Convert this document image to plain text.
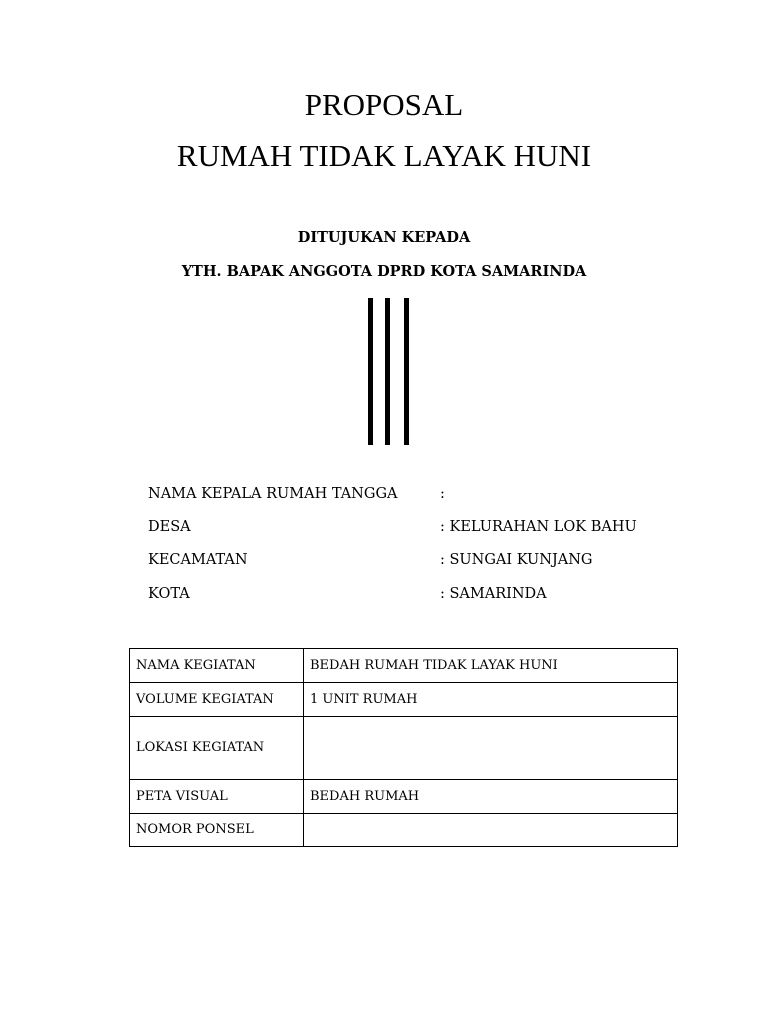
PROPOSAL
RUMAH TIDAK LAYAK HUNI
DITUJUKAN KEPADA
YTH. BAPAK ANGGOTA DPRD KOTA SAMARINDA
NAMA KEPALA RUMAH TANGGA	:
DESA	: KELURAHAN LOK BAHU
KECAMATAN	: SUNGAI KUNJANG
KOTA	: SAMARINDA
NAMA KEGIATAN	BEDAH RUMAH TIDAK LAYAK HUNI
VOLUME KEGIATAN	1 UNIT RUMAH
LOKASI KEGIATAN	
PETA VISUAL	BEDAH RUMAH
NOMOR PONSEL	
